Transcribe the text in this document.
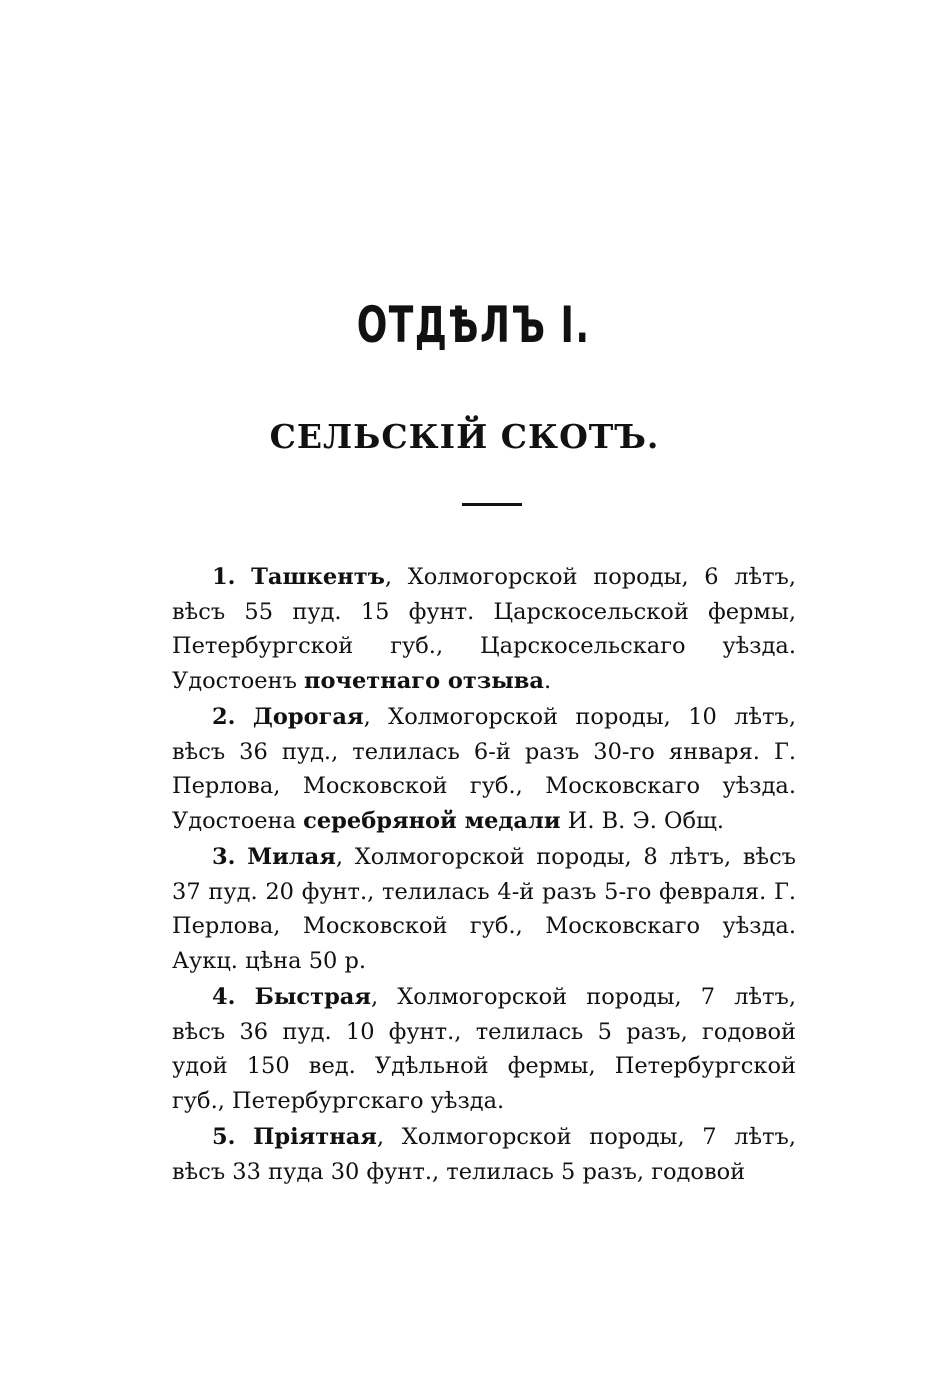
ОТДѢЛЪ I.
СЕЛЬСКІЙ СКОТЪ.

1. Ташкентъ, Холмогорской породы, 6 лѣтъ, вѣсъ 55 пуд. 15 фунт. Царскосельской фермы, Петербургской губ., Царскосельскаго уѣзда. Удостоенъ почетнаго отзыва.

2. Дорогая, Холмогорской породы, 10 лѣтъ, вѣсъ 36 пуд., телилась 6-й разъ 30-го января. Г. Перлова, Московской губ., Московскаго уѣзда. Удостоена серебряной медали И. В. Э. Общ.

3. Милая, Холмогорской породы, 8 лѣтъ, вѣсъ 37 пуд. 20 фунт., телилась 4-й разъ 5-го февраля. Г. Перлова, Московской губ., Московскаго уѣзда. Аукц. цѣна 50 р.

4. Быстрая, Холмогорской породы, 7 лѣтъ, вѣсъ 36 пуд. 10 фунт., телилась 5 разъ, годовой удой 150 вед. Удѣльной фермы, Петербургской губ., Петербургскаго уѣзда.

5. Пріятная, Холмогорской породы, 7 лѣтъ, вѣсъ 33 пуда 30 фунт., телилась 5 разъ, годовой
